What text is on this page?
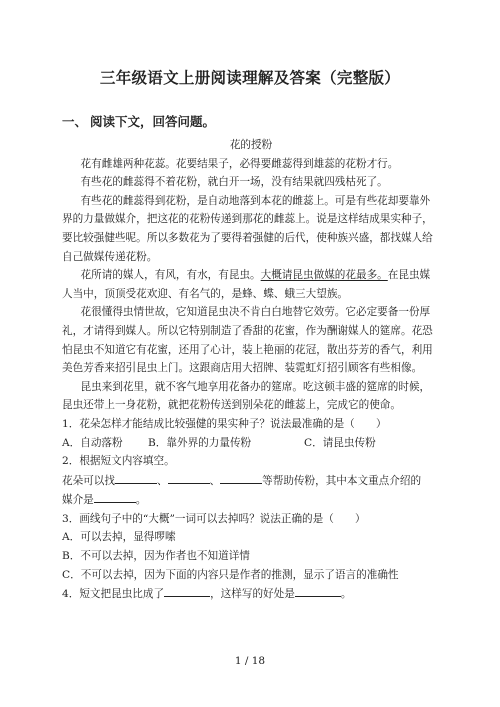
三年级语文上册阅读理解及答案（完整版）
一、 阅读下文，回答问题。

花的授粉

花有雌雄两种花蕊。花要结果子，必得要雌蕊得到雄蕊的花粉才行。

有些花的雌蕊得不着花粉，就白开一场，没有结果就四残枯死了。

有些花的雌蕊得到花粉，是自动地落到本花的雌蕊上。可是有些花却要靠外界的力量做媒介，把这花的花粉传递到那花的雌蕊上。说是这样结成果实种子，要比较强健些呢。所以多数花为了要得着强健的后代，使种族兴盛，都找媒人给自己做媒传递花粉。

花所请的媒人，有风，有水，有昆虫。大概请昆虫做媒的花最多。在昆虫媒人当中，顶顶受花欢迎、有名气的，是蜂、蝶、蛾三大望族。

花很懂得虫情世故，它知道昆虫决不肯白白地替它效劳。它必定要备一份厚礼，才请得到媒人。所以它特别制造了香甜的花蜜，作为酬谢媒人的筵席。花恐怕昆虫不知道它有花蜜，还用了心计，装上艳丽的花冠，散出芬芳的香气，利用美色芳香来招引昆虫上门。这跟商店用大招牌、装霓虹灯招引顾客有些相像。

昆虫来到花里，就不客气地享用花备办的筵席。吃这顿丰盛的筵席的时候，昆虫还带上一身花粉，就把花粉传送到别朵花的雌蕊上，完成它的使命。

1．花朵怎样才能结成比较强健的果实种子？说法最准确的是（　　）

A．自动落粉	B．靠外界的力量传粉	C．请昆虫传粉

2．根据短文内容填空。

花朵可以找	、	、	等帮助传粉，其中本文重点介绍的

媒介是	。

3．画线句子中的“大概”一词可以去掉吗？说法正确的是（　　）

A．可以去掉，显得啰嗦

B．不可以去掉，因为作者也不知道详情

C．不可以去掉，因为下面的内容只是作者的推测，显示了语言的准确性

4．短文把昆虫比成了	，这样写的好处是	。

1 / 18
